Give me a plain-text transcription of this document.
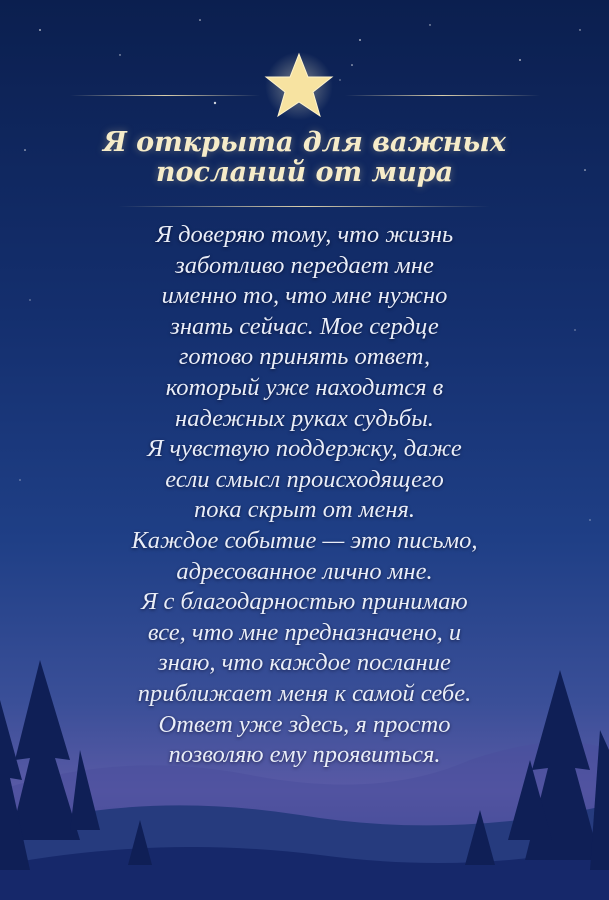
Я открыта для важных
посланий от мира
Я доверяю тому, что жизнь
заботливо передает мне
именно то, что мне нужно
знать сейчас. Мое сердце
готово принять ответ,
который уже находится в
надежных руках судьбы.
Я чувствую поддержку, даже
если смысл происходящего
пока скрыт от меня.
Каждое событие — это письмо,
адресованное лично мне.
Я с благодарностью принимаю
все, что мне предназначено, и
знаю, что каждое послание
приближает меня к самой себе.
Ответ уже здесь, я просто
позволяю ему проявиться.
